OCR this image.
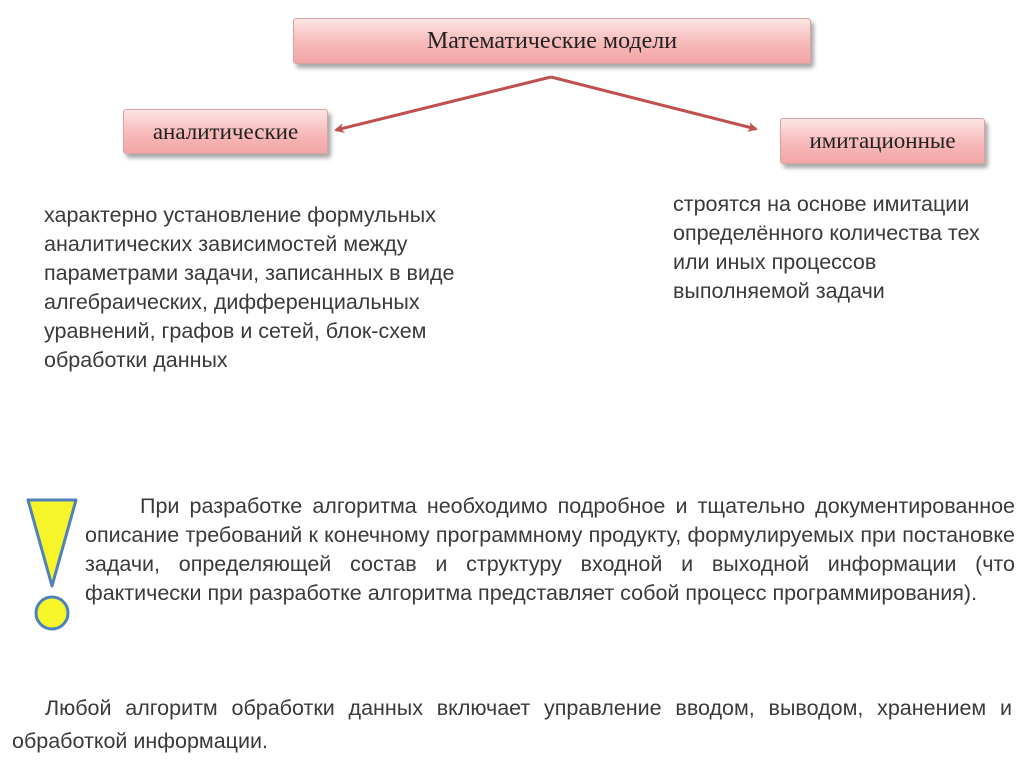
Математические модели
аналитические	имитационные

характерно установление формульных аналитических зависимостей между параметрами задачи, записанных в виде алгебраических, дифференциальных уравнений, графов и сетей, блок-схем обработки данных

строятся на основе имитации определённого количества тех или иных процессов выполняемой задачи

При разработке алгоритма необходимо подробное и тщательно документированное описание требований к конечному программному продукту, формулируемых при постановке задачи, определяющей состав и структуру входной и выходной информации (что фактически при разработке алгоритма представляет собой процесс программирования).

Любой алгоритм обработки данных включает управление вводом, выводом, хранением и обработкой информации.
